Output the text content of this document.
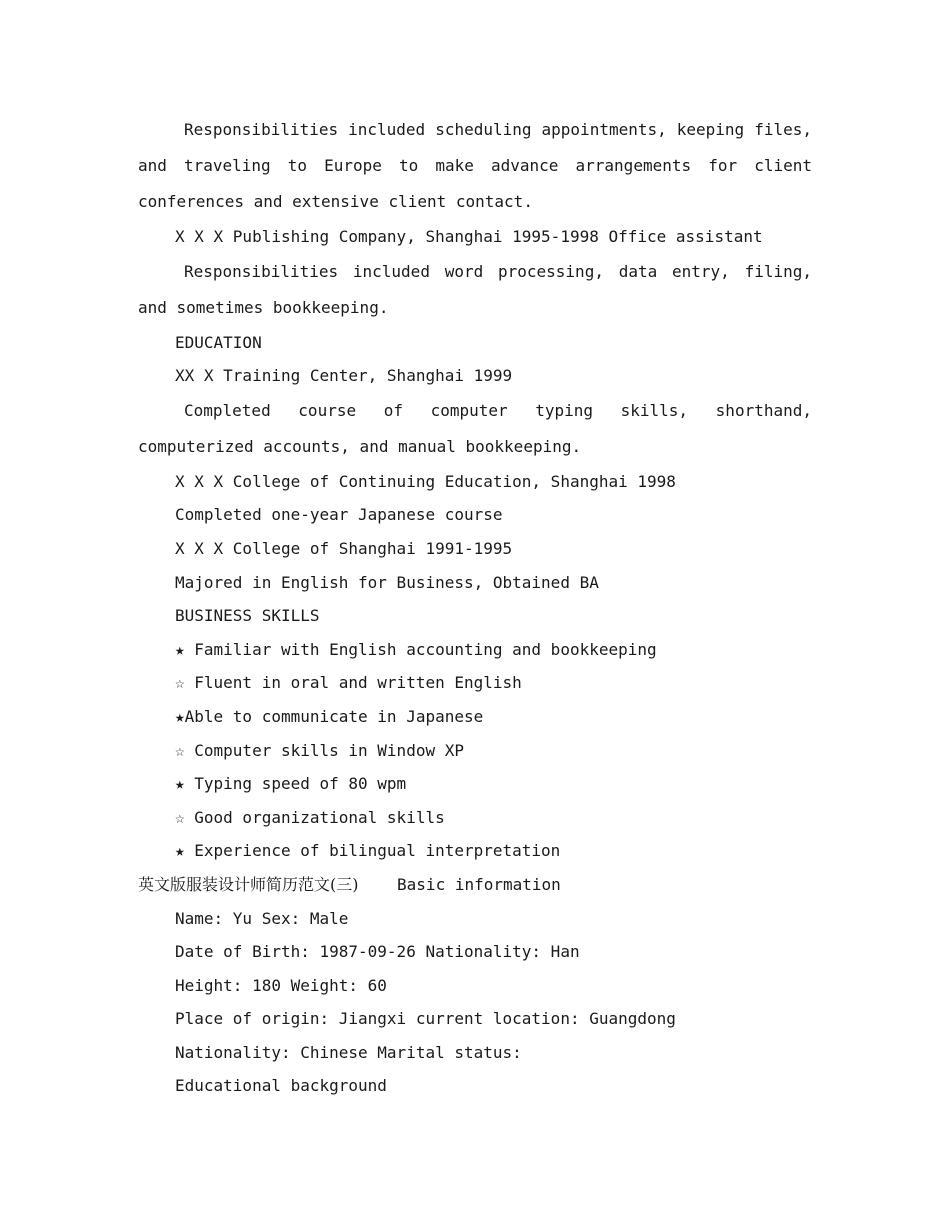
Responsibilities included scheduling appointments, keeping files, and traveling to Europe to make advance arrangements for client conferences and extensive client contact.

X X X Publishing Company, Shanghai 1995-1998 Office assistant

Responsibilities included word processing, data entry, filing, and sometimes bookkeeping.

EDUCATION

XX X Training Center, Shanghai 1999

Completed course of computer typing skills, shorthand, computerized accounts, and manual bookkeeping.

X X X College of Continuing Education, Shanghai 1998

Completed one-year Japanese course

X X X College of Shanghai 1991-1995

Majored in English for Business, Obtained BA

BUSINESS SKILLS

★ Familiar with English accounting and bookkeeping

☆ Fluent in oral and written English

★Able to communicate in Japanese

☆ Computer skills in Window XP

★ Typing speed of 80 wpm

☆ Good organizational skills

★ Experience of bilingual interpretation

英文版服装设计师简历范文(三) Basic information

Name: Yu Sex: Male

Date of Birth: 1987-09-26 Nationality: Han

Height: 180 Weight: 60

Place of origin: Jiangxi current location: Guangdong

Nationality: Chinese Marital status:

Educational background
